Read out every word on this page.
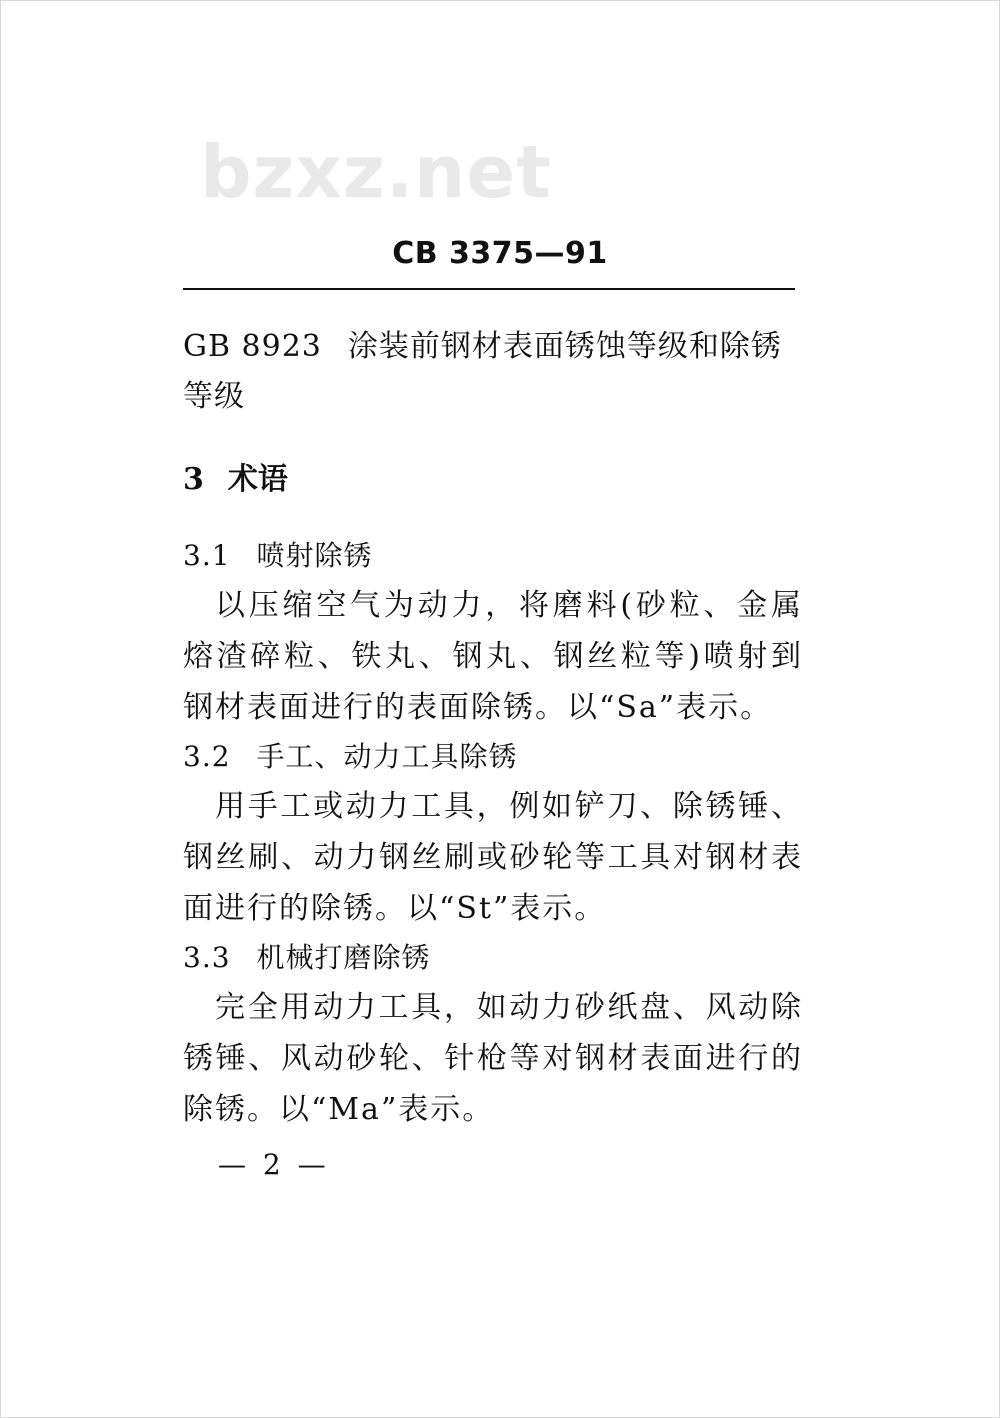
bzxz.net
CB 3375—91
GB 8923 涂装前钢材表面锈蚀等级和除锈等级
3 术语
3.1 喷射除锈
以压缩空气为动力，将磨料(砂粒、金属熔渣碎粒、铁丸、钢丸、钢丝粒等)喷射到钢材表面进行的表面除锈。以“Sa”表示。
3.2 手工、动力工具除锈
用手工或动力工具，例如铲刀、除锈锤、钢丝刷、动力钢丝刷或砂轮等工具对钢材表面进行的除锈。以“St”表示。
3.3 机械打磨除锈
完全用动力工具，如动力砂纸盘、风动除锈锤、风动砂轮、针枪等对钢材表面进行的除锈。以“Ma”表示。
— 2 —
